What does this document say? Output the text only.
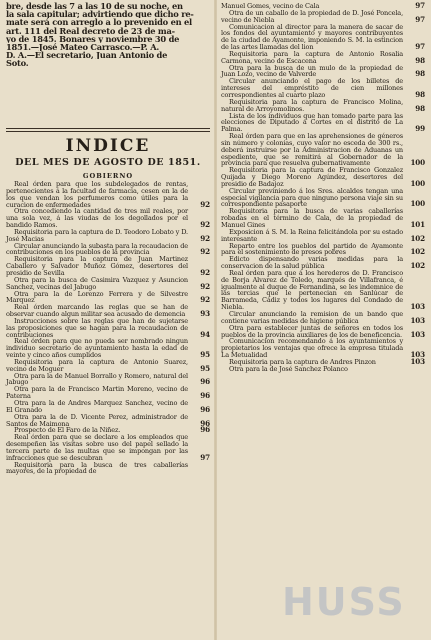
bre, desde las 7 a las 10 de su noche, en
la sala capitular; advirtiendo que dicho re-
mate será con arreglo a lo prevenido en el
art. 111 del Real decreto de 23 de ma-
yo de 1845. Bonares y noviembre 30 de
1851.—José Mateo Carrasco.—P. A.
D. A.—El secretario, Juan Antonio de
Soto.
INDICE
DEL MES DE AGOSTO DE 1851.
GOBIERNO
Real órden para que los subdelegados de rentas, pertenecientes á la facultad de farmacia, cesen en la de los que vendan los perfumeros como útiles para la curacion de enfermedades	92
Otra concediendo la cantidad de tres mil reales, por una sola vez, á las viudas de los degollados por el bandido Ramos.	92
Requisitoria para la captura de D. Teodoro Lobato y D. José Macias	92
Circular anunciando la subasta para la recaudacion de contribuciones en los pueblos de la provincia	92
Requisitoria para la captura de Juan Martinez Caballero y Salvador Muñoz Gómez, desertores del presidio de Sevilla	92
Otra para la busca de Casimira Vazquez y Asuncion Sanchez, vecinas del Jabugo	92
Otra para la de Lorenzo Ferrera y de Silvestre Marquez	92
Real órden marcando las reglas que se han de observar cuando algun militar sea acusado de demencia	93
Instrucciones sobre las reglas que han de sujetarse las proposiciones que se hagan para la recaudacion de contribuciones	94
Real órden para que no pueda ser nombrado ningun individuo secretario de ayuntamiento hasta la edad de veinte y cinco años cumplidos	95
Requisitoria para la captura de Antonio Suarez, vecino de Moguer	95
Otra para la de Manuel Borrallo y Romero, natural del Jabugo	96
Otra para la de Francisco Martin Moreno, vecino de Paterna	96
Otra para la de Andres Marquez Sanchez, vecino de El Granado	96
Otra para la de D. Vicente Perez, administrador de Santos de Maimona	96
Prospecto de El Faro de la Niñez.	96
Real órden para que se declare a los empleados que desempeñen las visitas sobre uso del papel sellado la tercera parte de las multas que se impongan por las infracciones que se descubran	97
Requisitoria para la busca de tres caballerías mayores, de la propiedad de
Manuel Gomes, vecino de Cala	97
Otra de un caballo de la propiedad de D. José Poncela, vecino de Niebla	97
Comunicacion al director para la manera de sacar de los fondos del ayuntamiento y mayores contribuyentes de la ciudad de Ayamonte, imponiendo S. M. la estincion de las artes llamadas del lion	97
Requisitoria para la captura de Antonio Rosalia Carmona, vecino de Escacena	98
Otra para la busca de un mulo de la propiedad de Juan Lozo, vecino de Valverde	98
Circular anunciando el pago de los billetes de intereses del empréstito de cien millones correspondientes al cuarto plazo	98
Requisitoria para la captura de Francisco Molina, natural de Arroyomolinos.	98
Lista de los individuos que han tomado parte para las elecciones de Diputado á Cortes en el distrito de La Palma.	99
Real órden para que en las aprehensiones de géneros sin número y colonias, cuyo valor no esceda de 300 rs., deberá instruirse por la Administracion de Aduanas un espediente, que se remitirá al Gobernador de la provincia para que resuelva gubernativamente	100
Requisitoria para la captura de Francisco Gonzalez Quijada y Diego Moreno Agúndez, desertores del presidio de Badajoz	100
Circular previniendo á los Sres. alcaldes tengan una especial vigilancia para que ninguno persona viaje sin su correspondiente pasaporte	100
Requisitoria para la busca de varias caballerías robadas en el término de Cala, de la propiedad de Manuel Gines	101
Exposicion á S. M. la Reina felicitándola por su estado interesante	102
Reparto entre los pueblos del partido de Ayamonte para el sostenimiento de presos pobres	102
Edicto dispensando varias medidas para la conservacion de la salud pública	102
Real órden para que á los herederos de D. Francisco de Borja Alvarez de Toledo, marqués de Villafranca, é igualmente al duque de Fernandina, se les indemnice de las tercias que le pertenecian en Sanlúcar de Barrameda, Cádiz y todos los lugares del Condado de Niebla.	103
Circular anunciando la remision de un bando que contiene varias medidas de higiene pública	103
Otra para establecer juntas de señores en todos los pueblos de la provincia auxiliares de los de beneficencia. 103
Comunicacion recomendando á los ayuntamientos y propietarios los ventajas que ofrece la empresa titulada La Metualidad	103
Requisitoria para la captura de Andres Pinzon	103
Otra para la de José Sanchez Polanco
HUSS
